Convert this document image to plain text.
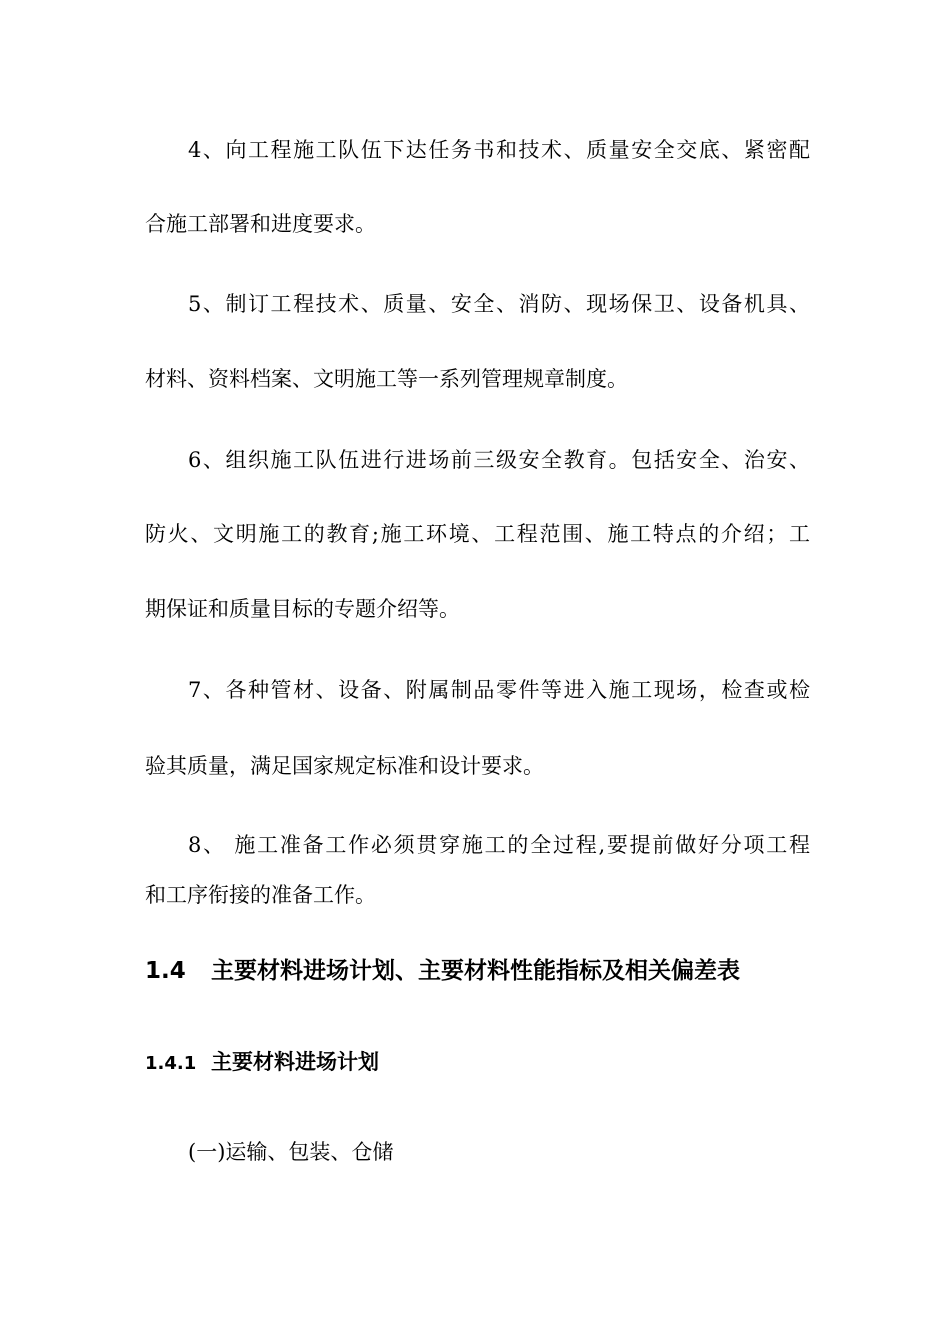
4、向工程施工队伍下达任务书和技术、质量安全交底、紧密配
合施工部署和进度要求。
5、制订工程技术、质量、安全、消防、现场保卫、设备机具、
材料、资料档案、文明施工等一系列管理规章制度。
6、组织施工队伍进行进场前三级安全教育。包括安全、治安、
防火、文明施工的教育;施工环境、工程范围、施工特点的介绍；工
期保证和质量目标的专题介绍等。
7、各种管材、设备、附属制品零件等进入施工现场，检查或检
验其质量，满足国家规定标准和设计要求。
8、 施工准备工作必须贯穿施工的全过程,要提前做好分项工程
和工序衔接的准备工作。
1.4 主要材料进场计划、主要材料性能指标及相关偏差表
1.4.1 主要材料进场计划
(一)运输、包装、仓储
